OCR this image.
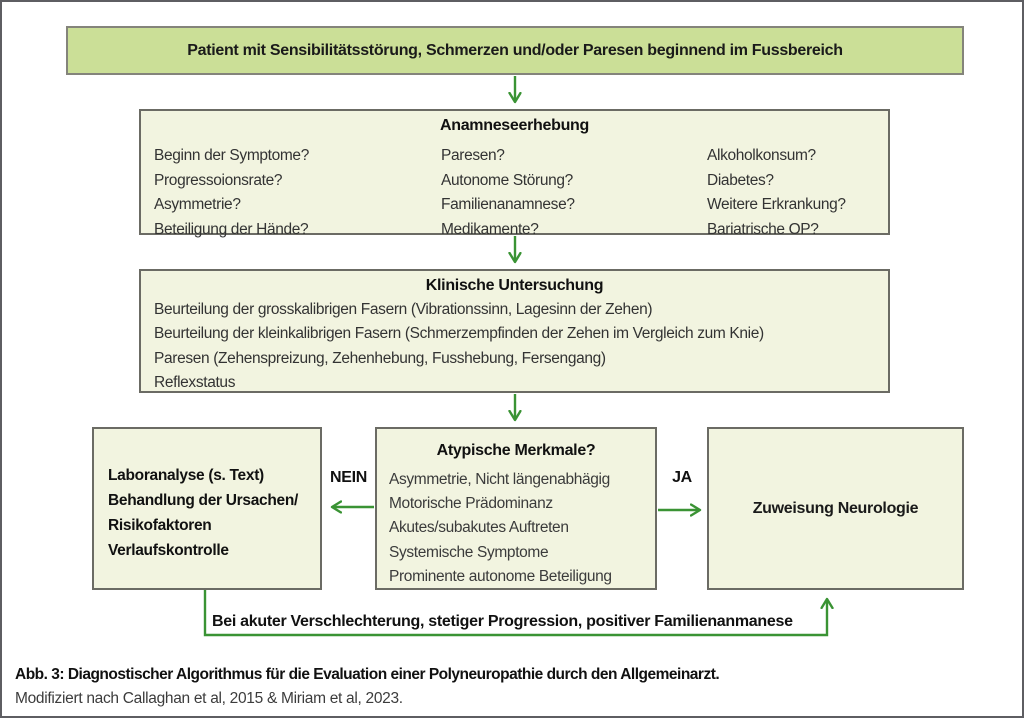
Patient mit Sensibilitätsstörung, Schmerzen und/oder Paresen beginnend im Fussbereich
Anamneseerhebung
Beginn der Symptome?
Progressoionsrate?
Asymmetrie?
Beteiligung der Hände?
Paresen?
Autonome Störung?
Familienanamnese?
Medikamente?
Alkoholkonsum?
Diabetes?
Weitere Erkrankung?
Bariatrische OP?
Klinische Untersuchung
Beurteilung der grosskalibrigen Fasern (Vibrationssinn, Lagesinn der Zehen)
Beurteilung der kleinkalibrigen Fasern (Schmerzempfinden der Zehen im Vergleich zum Knie)
Paresen (Zehenspreizung, Zehenhebung, Fusshebung, Fersengang)
Reflexstatus
Laboranalyse (s. Text)
Behandlung der Ursachen/
Risikofaktoren
Verlaufskontrolle
Atypische Merkmale?
Asymmetrie, Nicht längenabhägig
Motorische Prädominanz
Akutes/subakutes Auftreten
Systemische Symptome
Prominente autonome Beteiligung
Zuweisung Neurologie
NEIN	JA
Bei akuter Verschlechterung, stetiger Progression, positiver Familienanmanese
Abb. 3: Diagnostischer Algorithmus für die Evaluation einer Polyneuropathie durch den Allgemeinarzt.
Modifiziert nach Callaghan et al, 2015 & Miriam et al, 2023.
